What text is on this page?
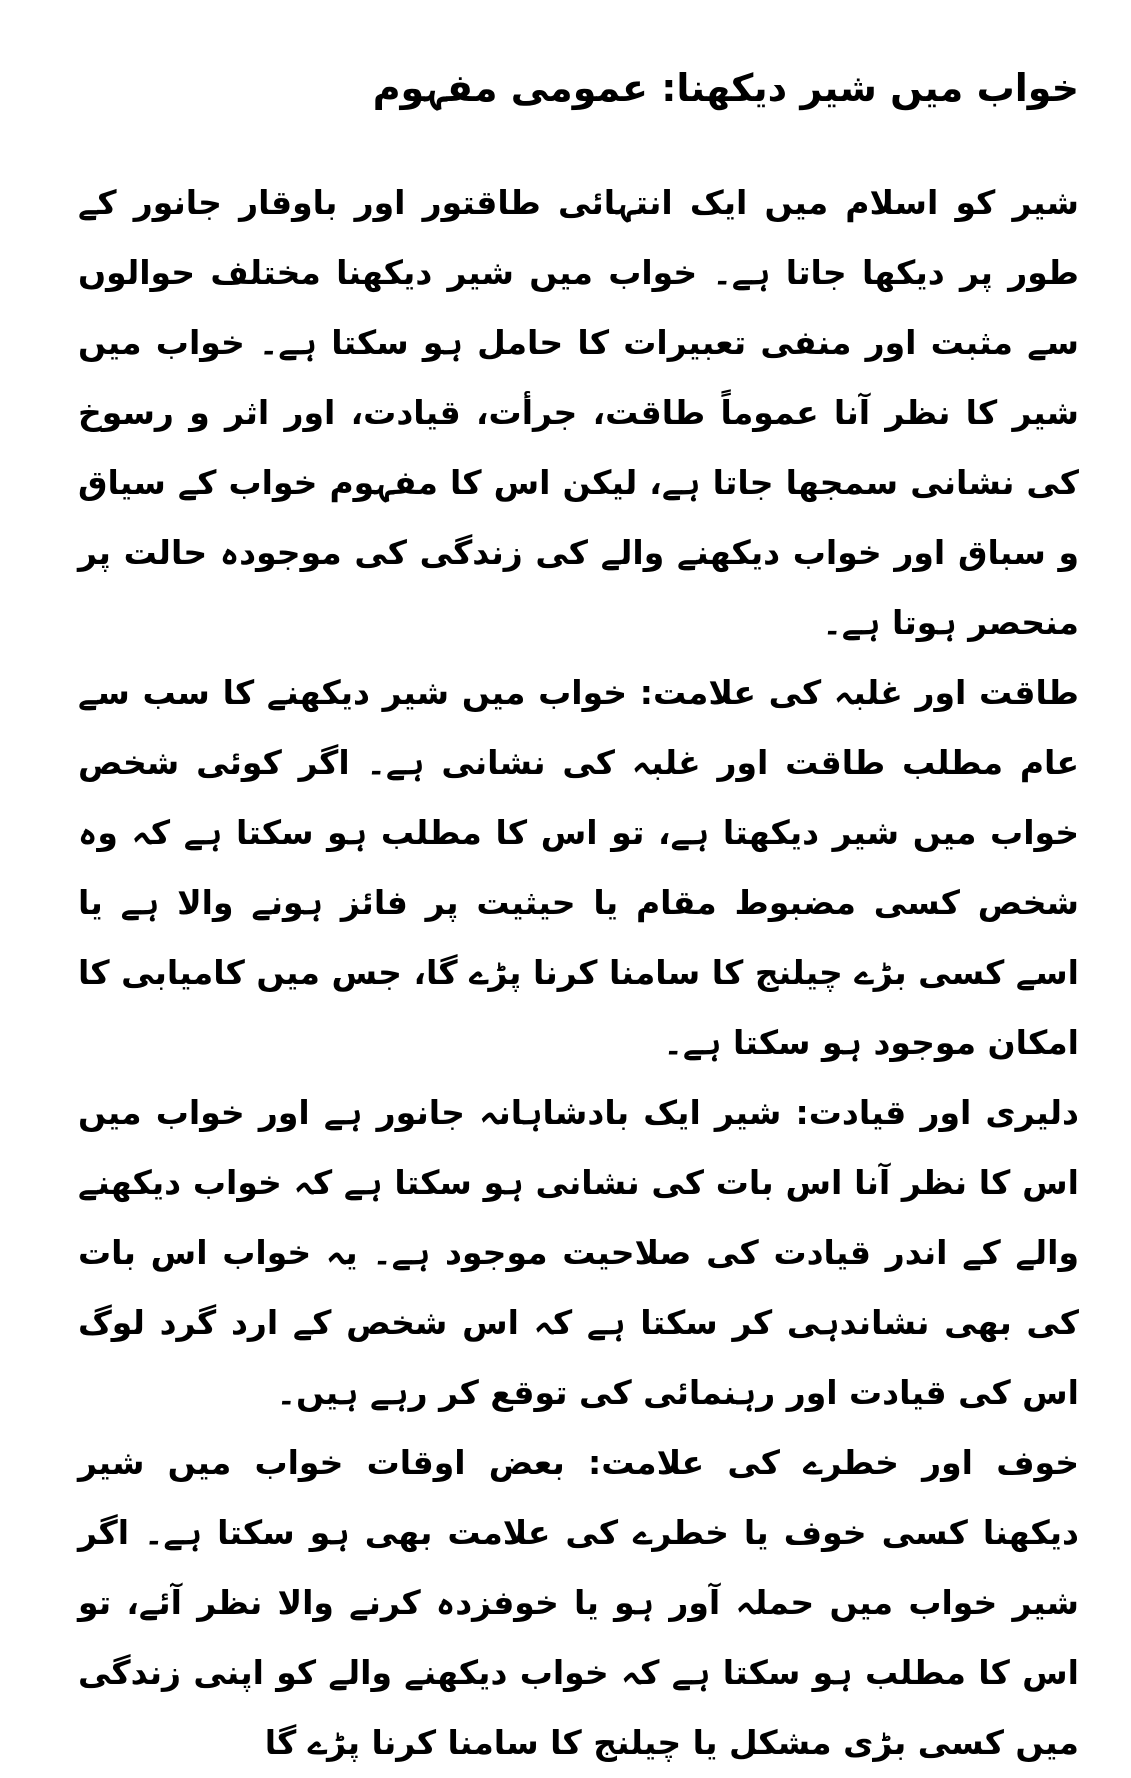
خواب میں شیر دیکھنا: عمومی مفہوم

شیر کو اسلام میں ایک انتہائی طاقتور اور باوقار جانور کے طور پر دیکھا جاتا ہے۔ خواب میں شیر دیکھنا مختلف حوالوں سے مثبت اور منفی تعبیرات کا حامل ہو سکتا ہے۔ خواب میں شیر کا نظر آنا عموماً طاقت، جرأت، قیادت، اور اثر و رسوخ کی نشانی سمجھا جاتا ہے، لیکن اس کا مفہوم خواب کے سیاق و سباق اور خواب دیکھنے والے کی زندگی کی موجودہ حالت پر منحصر ہوتا ہے۔

طاقت اور غلبہ کی علامت: خواب میں شیر دیکھنے کا سب سے عام مطلب طاقت اور غلبہ کی نشانی ہے۔ اگر کوئی شخص خواب میں شیر دیکھتا ہے، تو اس کا مطلب ہو سکتا ہے کہ وہ شخص کسی مضبوط مقام یا حیثیت پر فائز ہونے والا ہے یا اسے کسی بڑے چیلنج کا سامنا کرنا پڑے گا، جس میں کامیابی کا امکان موجود ہو سکتا ہے۔

دلیری اور قیادت: شیر ایک بادشاہانہ جانور ہے اور خواب میں اس کا نظر آنا اس بات کی نشانی ہو سکتا ہے کہ خواب دیکھنے والے کے اندر قیادت کی صلاحیت موجود ہے۔ یہ خواب اس بات کی بھی نشاندہی کر سکتا ہے کہ اس شخص کے ارد گرد لوگ اس کی قیادت اور رہنمائی کی توقع کر رہے ہیں۔

خوف اور خطرے کی علامت: بعض اوقات خواب میں شیر دیکھنا کسی خوف یا خطرے کی علامت بھی ہو سکتا ہے۔ اگر شیر خواب میں حملہ آور ہو یا خوفزدہ کرنے والا نظر آئے، تو اس کا مطلب ہو سکتا ہے کہ خواب دیکھنے والے کو اپنی زندگی میں کسی بڑی مشکل یا چیلنج کا سامنا کرنا پڑے گا
